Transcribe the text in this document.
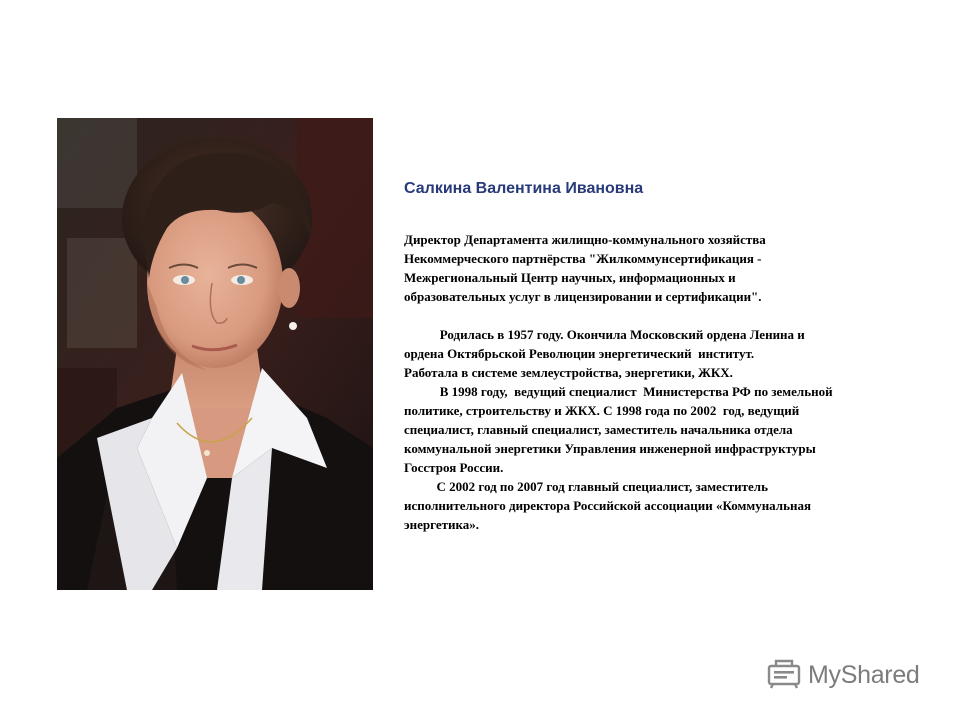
Салкина Валентина Ивановна

Директор Департамента жилищно-коммунального хозяйства

Некоммерческого партнёрства "Жилкоммунсертификация -

Межрегиональный Центр научных, информационных и

образовательных услуг в лицензировании и сертификации".

Родилась в 1957 году. Окончила Московский ордена Ленина и

ордена Октябрьской Революции энергетический  институт.

Работала в системе землеустройства, энергетики, ЖКХ.

В 1998 году,  ведущий специалист  Министерства РФ по земельной

политике, строительству и ЖКХ. С 1998 года по 2002  год, ведущий

специалист, главный специалист, заместитель начальника отдела

коммунальной энергетики Управления инженерной инфраструктуры

Госстроя России.

С 2002 год по 2007 год главный специалист, заместитель

исполнительного директора Российской ассоциации «Коммунальная

энергетика».

MyShared
